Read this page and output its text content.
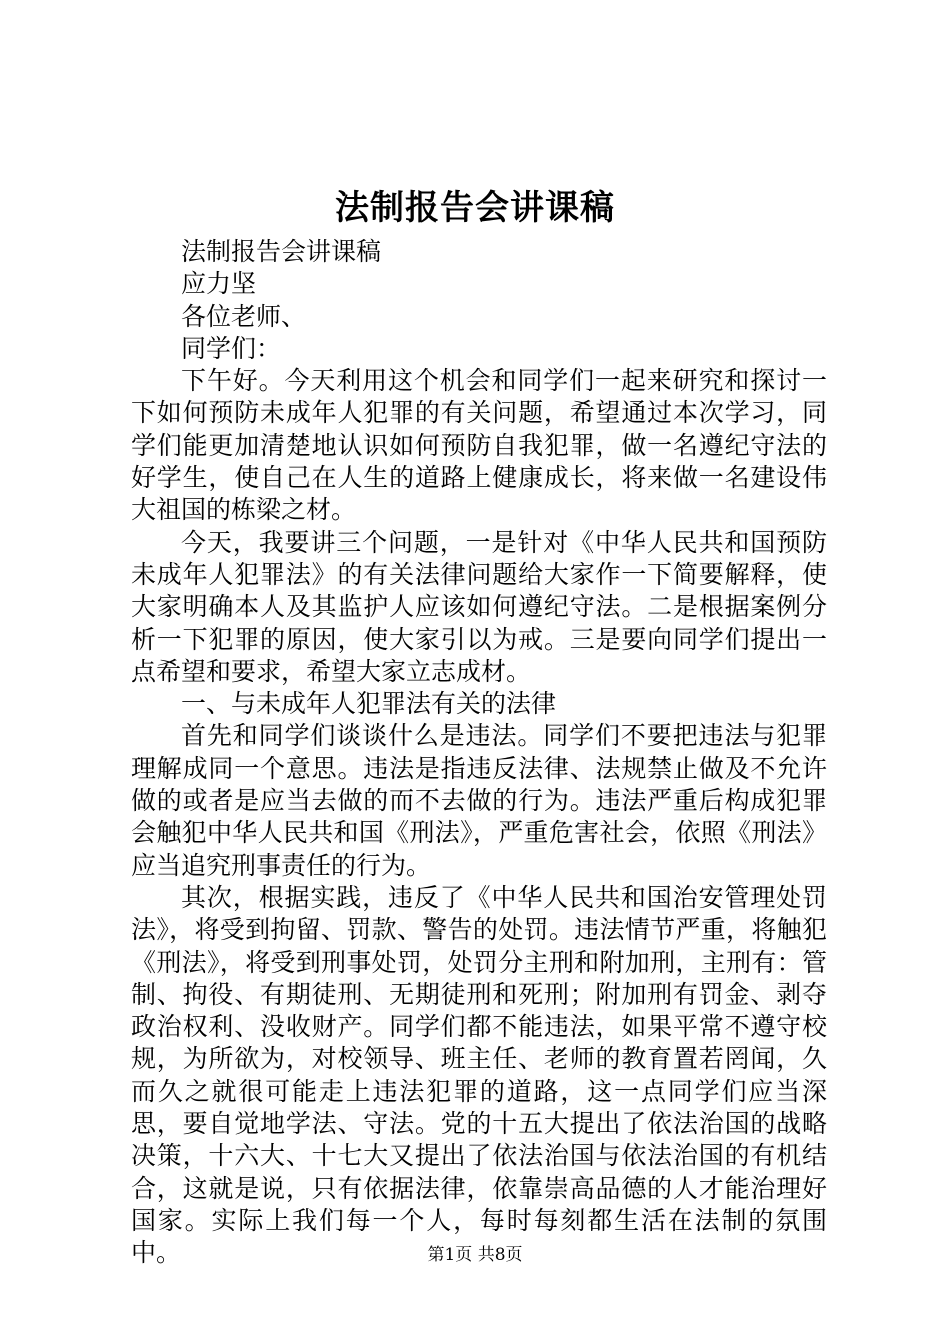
法制报告会讲课稿

法制报告会讲课稿

应力坚

各位老师、

同学们：

下午好。今天利用这个机会和同学们一起来研究和探讨一下如何预防未成年人犯罪的有关问题，希望通过本次学习，同学们能更加清楚地认识如何预防自我犯罪，做一名遵纪守法的好学生，使自己在人生的道路上健康成长，将来做一名建设伟大祖国的栋梁之材。

今天，我要讲三个问题，一是针对《中华人民共和国预防未成年人犯罪法》的有关法律问题给大家作一下简要解释，使大家明确本人及其监护人应该如何遵纪守法。二是根据案例分析一下犯罪的原因，使大家引以为戒。三是要向同学们提出一点希望和要求，希望大家立志成材。

一、与未成年人犯罪法有关的法律

首先和同学们谈谈什么是违法。同学们不要把违法与犯罪理解成同一个意思。违法是指违反法律、法规禁止做及不允许做的或者是应当去做的而不去做的行为。违法严重后构成犯罪会触犯中华人民共和国《刑法》，严重危害社会，依照《刑法》应当追究刑事责任的行为。

其次，根据实践，违反了《中华人民共和国治安管理处罚法》，将受到拘留、罚款、警告的处罚。违法情节严重，将触犯《刑法》，将受到刑事处罚，处罚分主刑和附加刑，主刑有：管制、拘役、有期徒刑、无期徒刑和死刑；附加刑有罚金、剥夺政治权利、没收财产。同学们都不能违法，如果平常不遵守校规，为所欲为，对校领导、班主任、老师的教育置若罔闻，久而久之就很可能走上违法犯罪的道路，这一点同学们应当深思，要自觉地学法、守法。党的十五大提出了依法治国的战略决策，十六大、十七大又提出了依法治国与依法治国的有机结合，这就是说，只有依据法律，依靠崇高品德的人才能治理好国家。实际上我们每一个人，每时每刻都生活在法制的氛围中。	第1页 共8页
